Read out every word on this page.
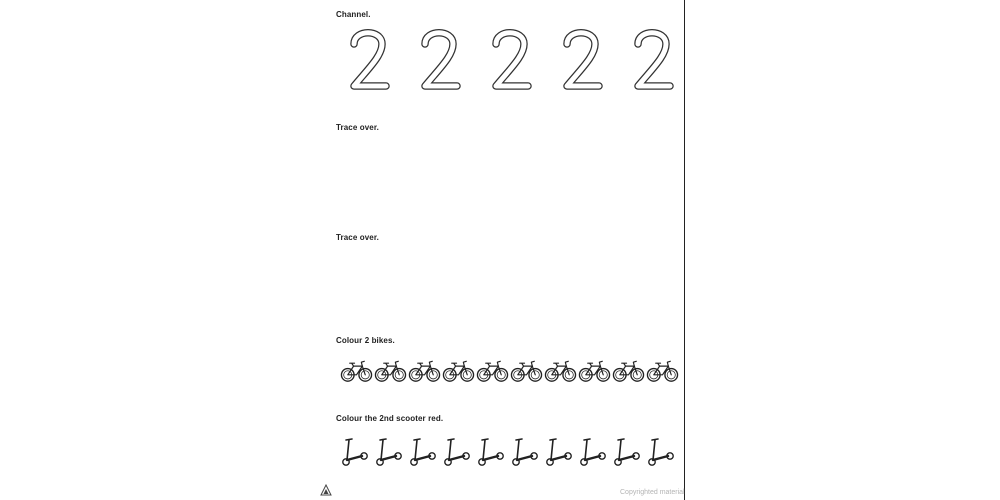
Channel.

Trace over.

Trace over.

Colour 2 bikes.

Colour the 2nd scooter red.

Copyrighted material
